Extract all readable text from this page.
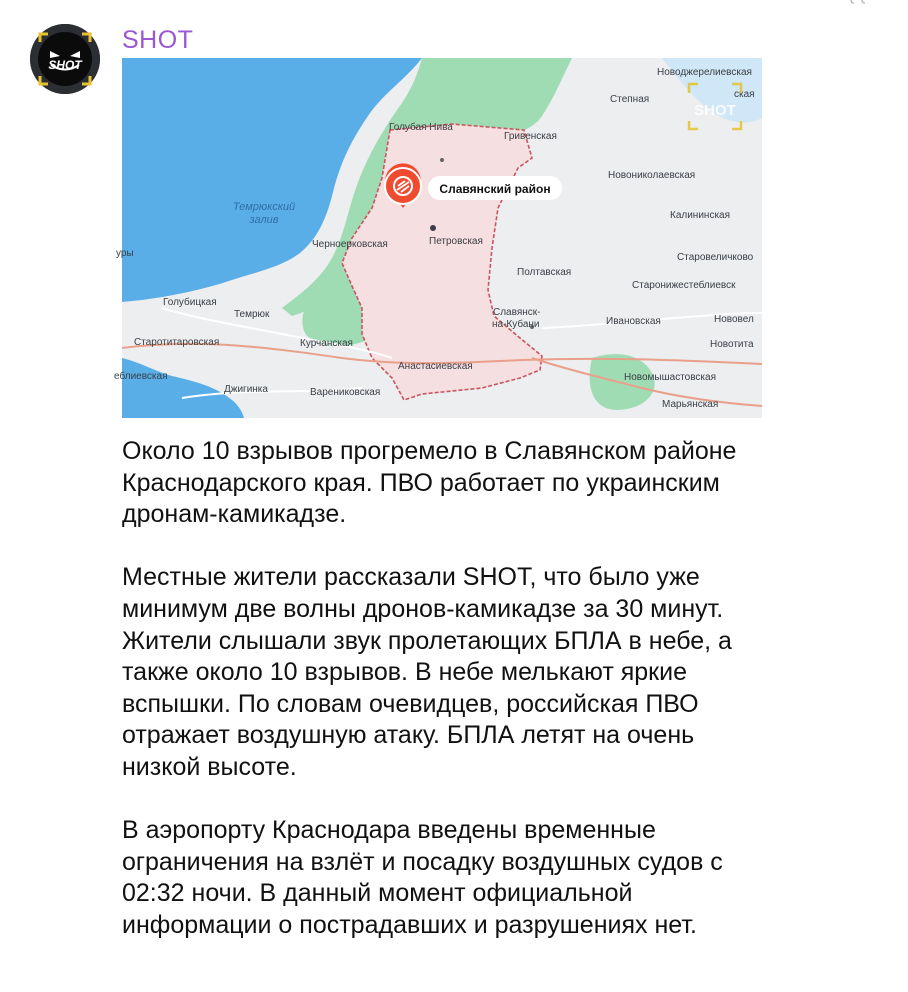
SHOT
SHOT
Темрюкский
залив
Новоджерелиевская
Степная	ская
Голубая Нива
Гривенская
Новониколаевская
Калининская
Черноерковская	Петровская
уры	Старовеличково
Полтавская
Старонижестеблиевск
Голубицкая
Темрюк	Славянск-
на-Кубани	Ивановская	Нововел
Старотитаровская	Курчанская	Новотита
Анастасиевская
еблиевская	Новомышастовская
Джигинка	Варениковская
Марьянская
SHOT
Славянский район

Около 10 взрывов прогремело в Славянском районе Краснодарского края. ПВО работает по украинским дронам-камикадзе.

Местные жители рассказали SHOT, что было уже минимум две волны дронов-камикадзе за 30 минут. Жители слышали звук пролетающих БПЛА в небе, а также около 10 взрывов. В небе мелькают яркие вспышки. По словам очевидцев, российская ПВО отражает воздушную атаку. БПЛА летят на очень низкой высоте.

В аэропорту Краснодара введены временные ограничения на взлёт и посадку воздушных судов с 02:32 ночи. В данный момент официальной информации о пострадавших и разрушениях нет.
